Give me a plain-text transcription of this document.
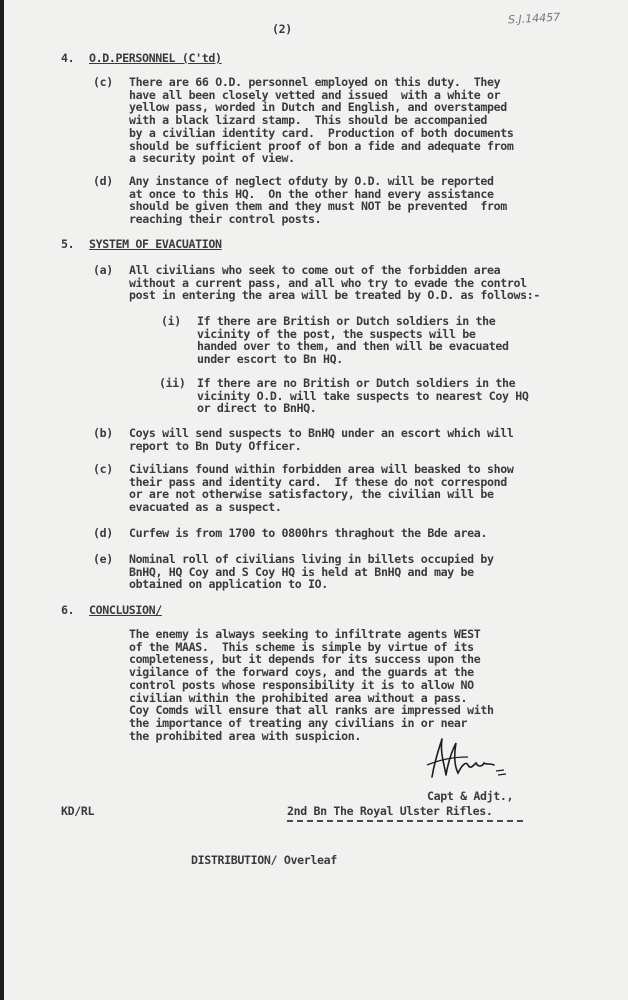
(2)
S.J.14457
4. O.D.PERSONNEL (C'td)
(c) There are 66 O.D. personnel employed on this duty.  They
have all been closely vetted and issued  with a white or
yellow pass, worded in Dutch and English, and overstamped
with a black lizard stamp.  This should be accompanied
by a civilian identity card.  Production of both documents
should be sufficient proof of bon a fide and adequate from
a security point of view.
(d) Any instance of neglect ofduty by O.D. will be reported
at once to this HQ.  On the other hand every assistance
should be given them and they must NOT be prevented  from
reaching their control posts.
5. SYSTEM OF EVACUATION
(a) All civilians who seek to come out of the forbidden area
without a current pass, and all who try to evade the control
post in entering the area will be treated by O.D. as follows:-
(i) If there are British or Dutch soldiers in the
vicinity of the post, the suspects will be
handed over to them, and then will be evacuated
under escort to Bn HQ.
(ii) If there are no British or Dutch soldiers in the
vicinity O.D. will take suspects to nearest Coy HQ
or direct to BnHQ.
(b) Coys will send suspects to BnHQ under an escort which will
report to Bn Duty Officer.
(c) Civilians found within forbidden area will beasked to show
their pass and identity card.  If these do not correspond
or are not otherwise satisfactory, the civilian will be
evacuated as a suspect.
(d) Curfew is from 1700 to 0800hrs thraghout the Bde area.
(e) Nominal roll of civilians living in billets occupied by
BnHQ, HQ Coy and S Coy HQ is held at BnHQ and may be
obtained on application to IO.
6. CONCLUSION/
The enemy is always seeking to infiltrate agents WEST
of the MAAS.  This scheme is simple by virtue of its
completeness, but it depends for its success upon the
vigilance of the forward coys, and the guards at the
control posts whose responsibility it is to allow NO
civilian within the prohibited area without a pass.
Coy Comds will ensure that all ranks are impressed with
the importance of treating any civilians in or near
the prohibited area with suspicion.
Capt & Adjt.,
2nd Bn The Royal Ulster Rifles.
KD/RL
DISTRIBUTION/ Overleaf
